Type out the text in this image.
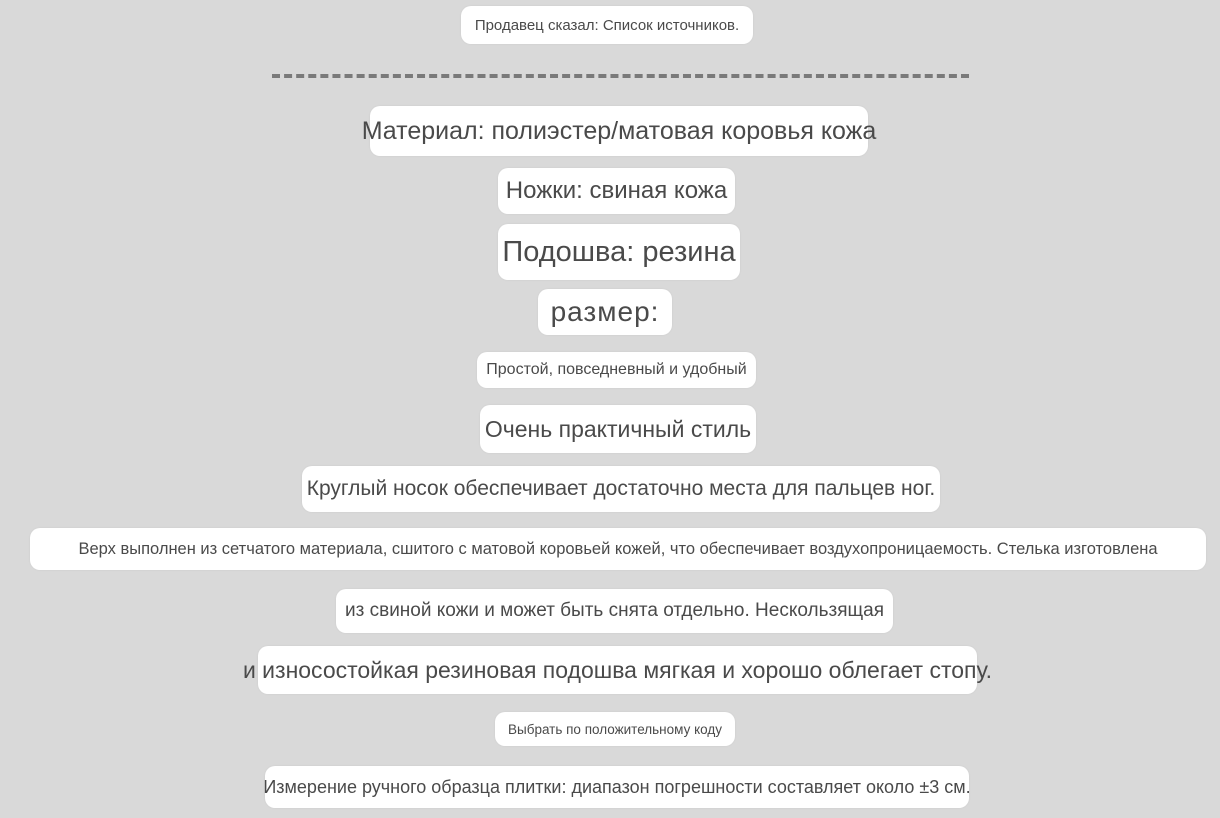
Продавец сказал: Список источников.
Материал: полиэстер/матовая коровья кожа
Ножки: свиная кожа
Подошва: резина
размер:
Простой, повседневный и удобный
Очень практичный стиль
Круглый носок обеспечивает достаточно места для пальцев ног.
Верх выполнен из сетчатого материала, сшитого с матовой коровьей кожей, что обеспечивает воздухопроницаемость. Стелька изготовлена
из свиной кожи и может быть снята отдельно. Нескользящая
и износостойкая резиновая подошва мягкая и хорошо облегает стопу.
Выбрать по положительному коду
Измерение ручного образца плитки: диапазон погрешности составляет около ±3 см.
